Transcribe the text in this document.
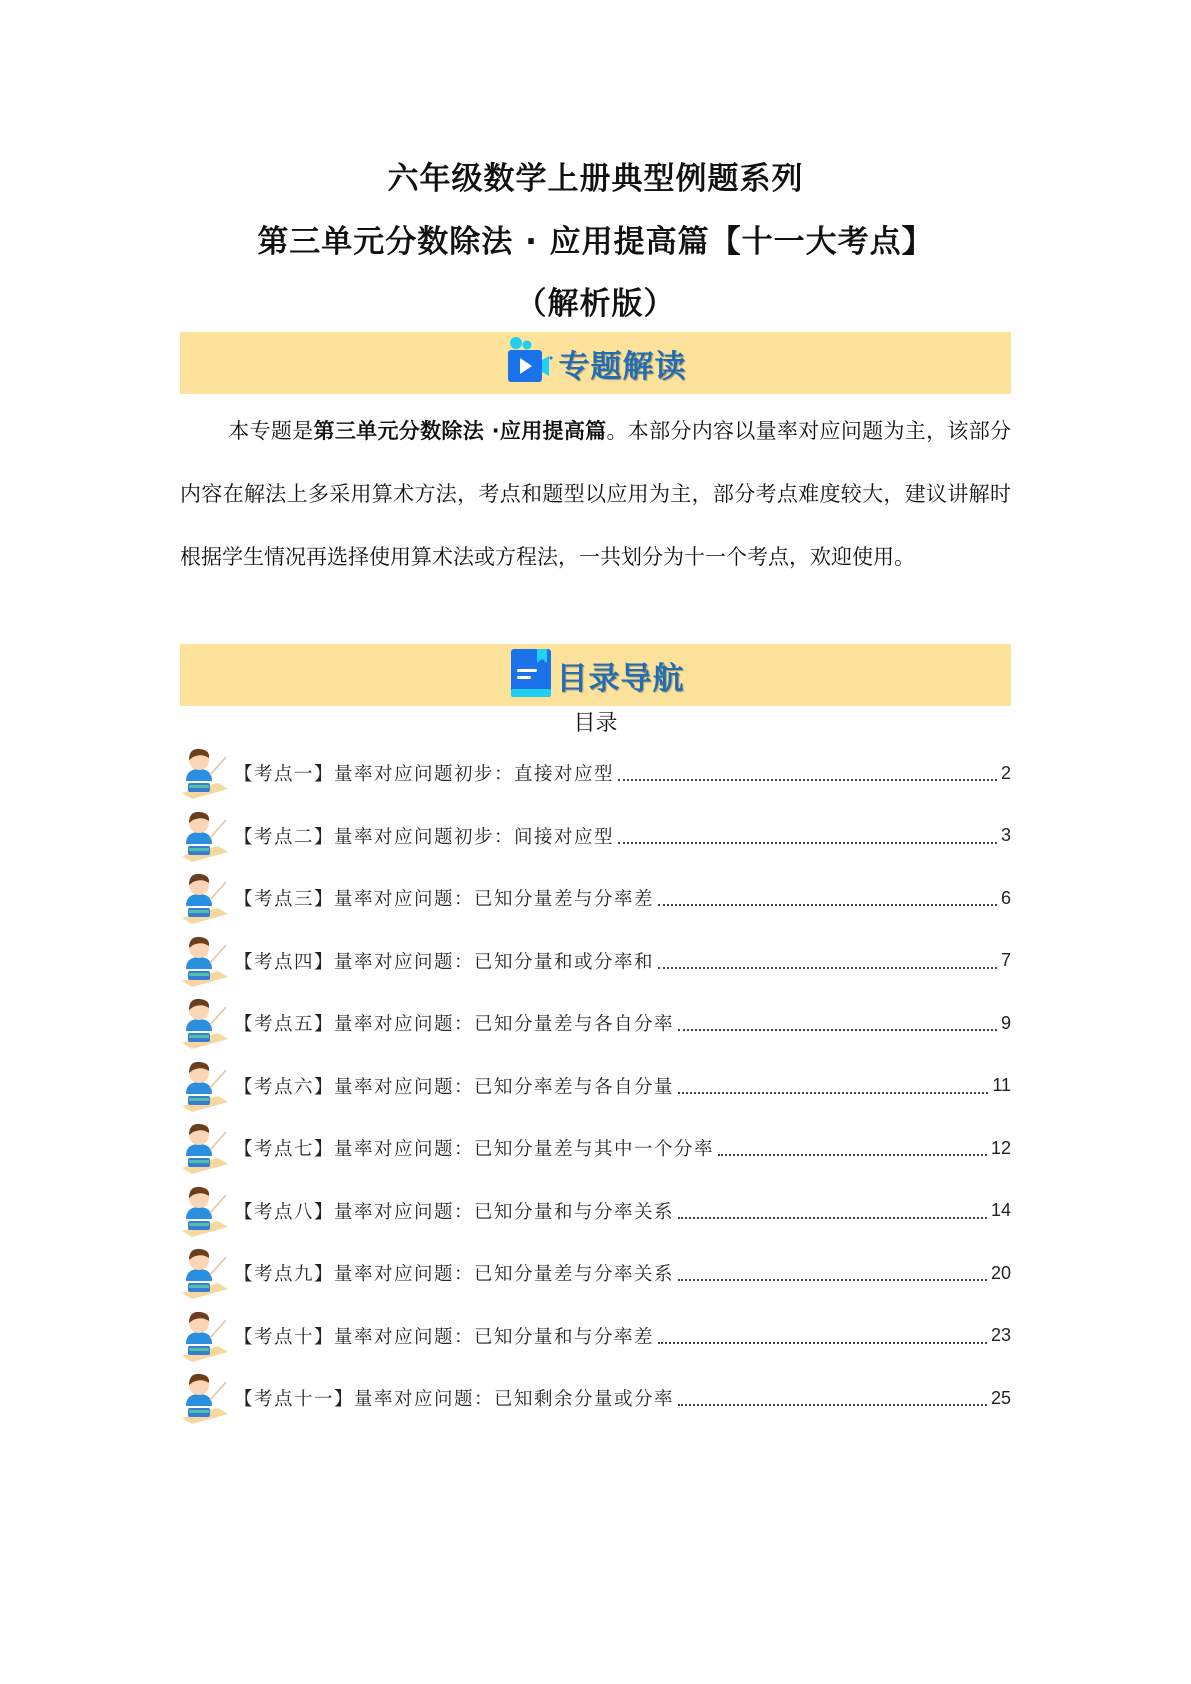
六年级数学上册典型例题系列
第三单元分数除法 · 应用提高篇【十一大考点】
（解析版）
专题解读
本专题是第三单元分数除法 ·应用提高篇。本部分内容以量率对应问题为主，该部分内容在解法上多采用算术方法，考点和题型以应用为主，部分考点难度较大，建议讲解时根据学生情况再选择使用算术法或方程法，一共划分为十一个考点，欢迎使用。
目录导航
目录
【考点一】量率对应问题初步：直接对应型	2
【考点二】量率对应问题初步：间接对应型	3
【考点三】量率对应问题：已知分量差与分率差	6
【考点四】量率对应问题：已知分量和或分率和	7
【考点五】量率对应问题：已知分量差与各自分率	9
【考点六】量率对应问题：已知分率差与各自分量	11
【考点七】量率对应问题：已知分量差与其中一个分率	12
【考点八】量率对应问题：已知分量和与分率关系	14
【考点九】量率对应问题：已知分量差与分率关系	20
【考点十】量率对应问题：已知分量和与分率差	23
【考点十一】量率对应问题：已知剩余分量或分率	25
